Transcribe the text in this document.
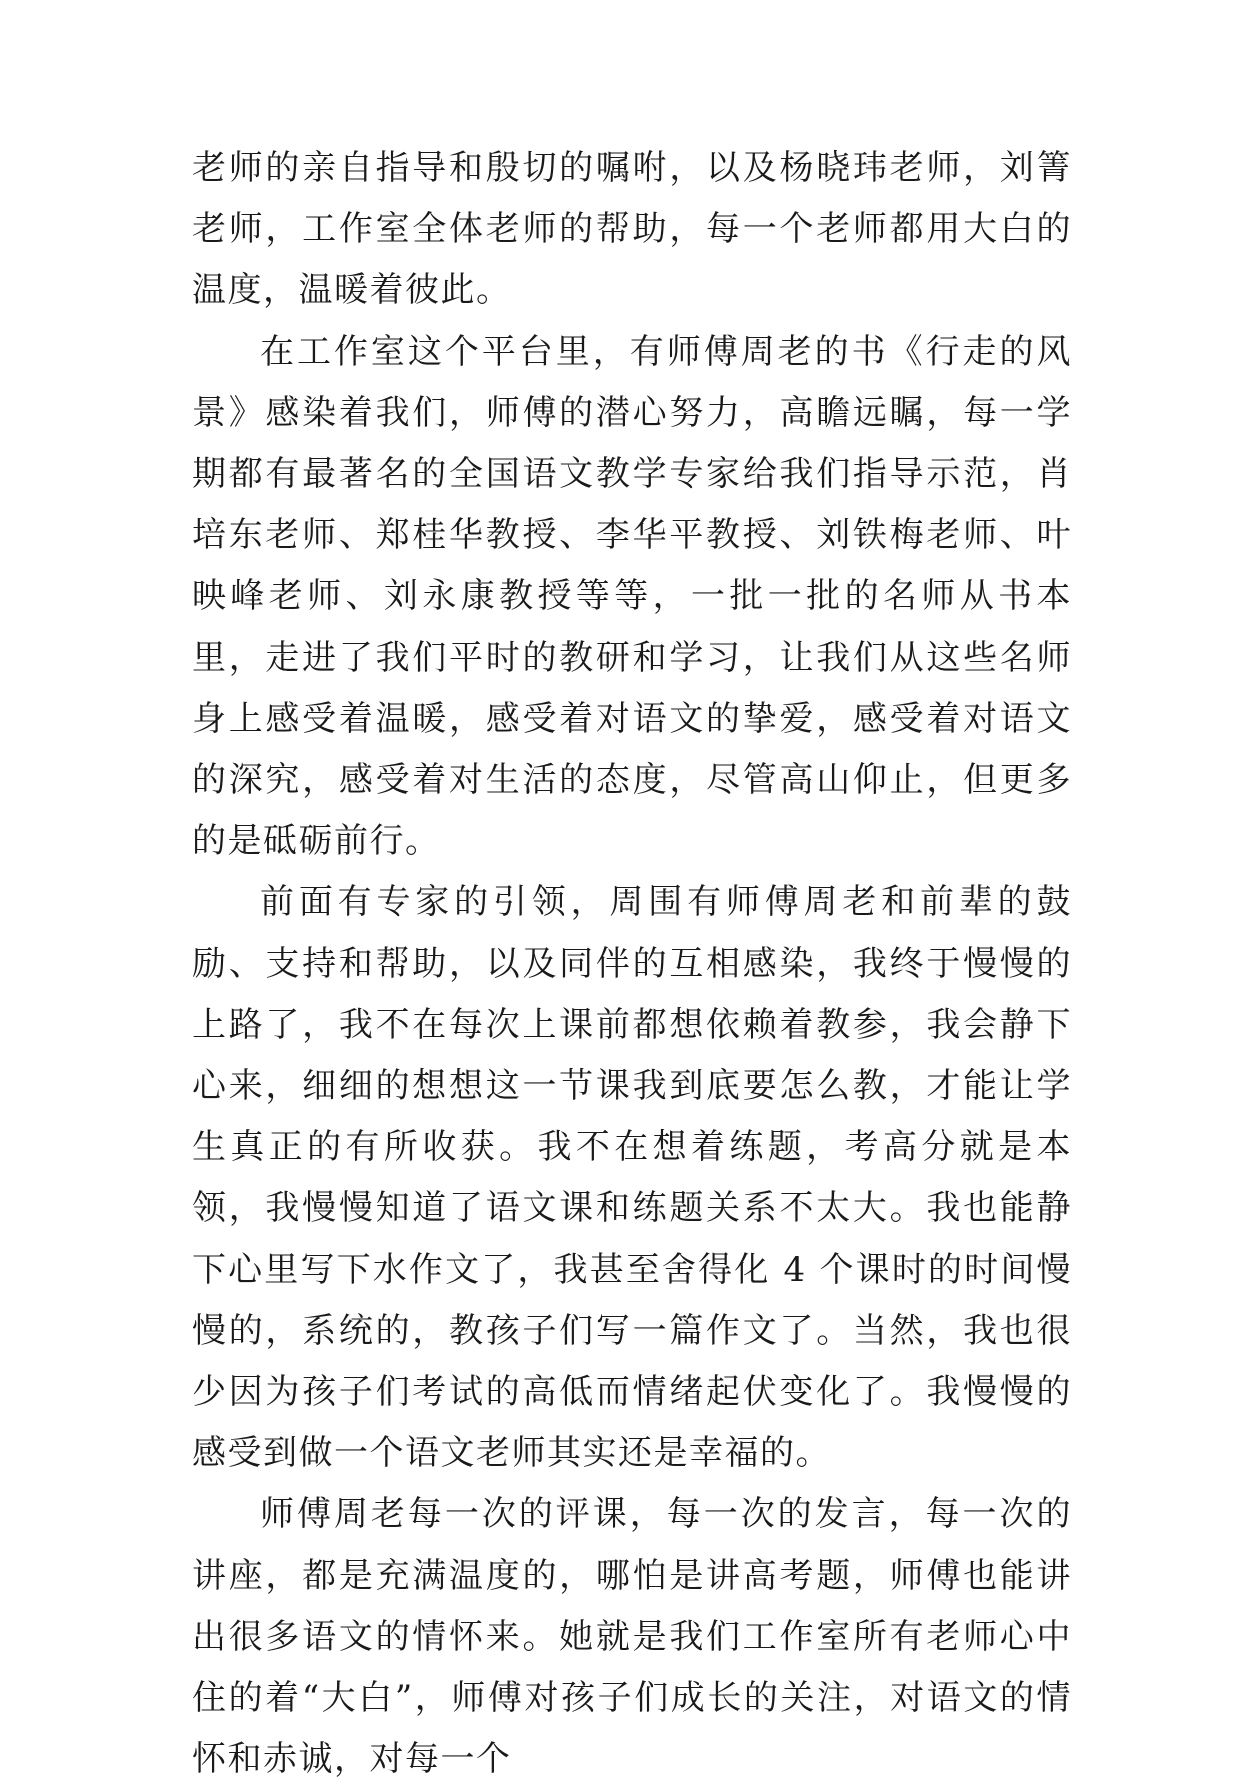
老师的亲自指导和殷切的嘱咐，以及杨晓玮老师，刘箐老师，工作室全体老师的帮助，每一个老师都用大白的温度，温暖着彼此。

在工作室这个平台里，有师傅周老的书《行走的风景》感染着我们，师傅的潜心努力，高瞻远瞩，每一学期都有最著名的全国语文教学专家给我们指导示范，肖培东老师、郑桂华教授、李华平教授、刘铁梅老师、叶映峰老师、刘永康教授等等，一批一批的名师从书本里，走进了我们平时的教研和学习，让我们从这些名师身上感受着温暖，感受着对语文的挚爱，感受着对语文的深究，感受着对生活的态度，尽管高山仰止，但更多的是砥砺前行。

前面有专家的引领，周围有师傅周老和前辈的鼓励、支持和帮助，以及同伴的互相感染，我终于慢慢的上路了，我不在每次上课前都想依赖着教参，我会静下心来，细细的想想这一节课我到底要怎么教，才能让学生真正的有所收获。我不在想着练题，考高分就是本领，我慢慢知道了语文课和练题关系不太大。我也能静下心里写下水作文了，我甚至舍得化 4 个课时的时间慢慢的，系统的，教孩子们写一篇作文了。当然，我也很少因为孩子们考试的高低而情绪起伏变化了。我慢慢的感受到做一个语文老师其实还是幸福的。

师傅周老每一次的评课，每一次的发言，每一次的讲座，都是充满温度的，哪怕是讲高考题，师傅也能讲出很多语文的情怀来。她就是我们工作室所有老师心中住的着“大白”，师傅对孩子们成长的关注，对语文的情怀和赤诚，对每一个
